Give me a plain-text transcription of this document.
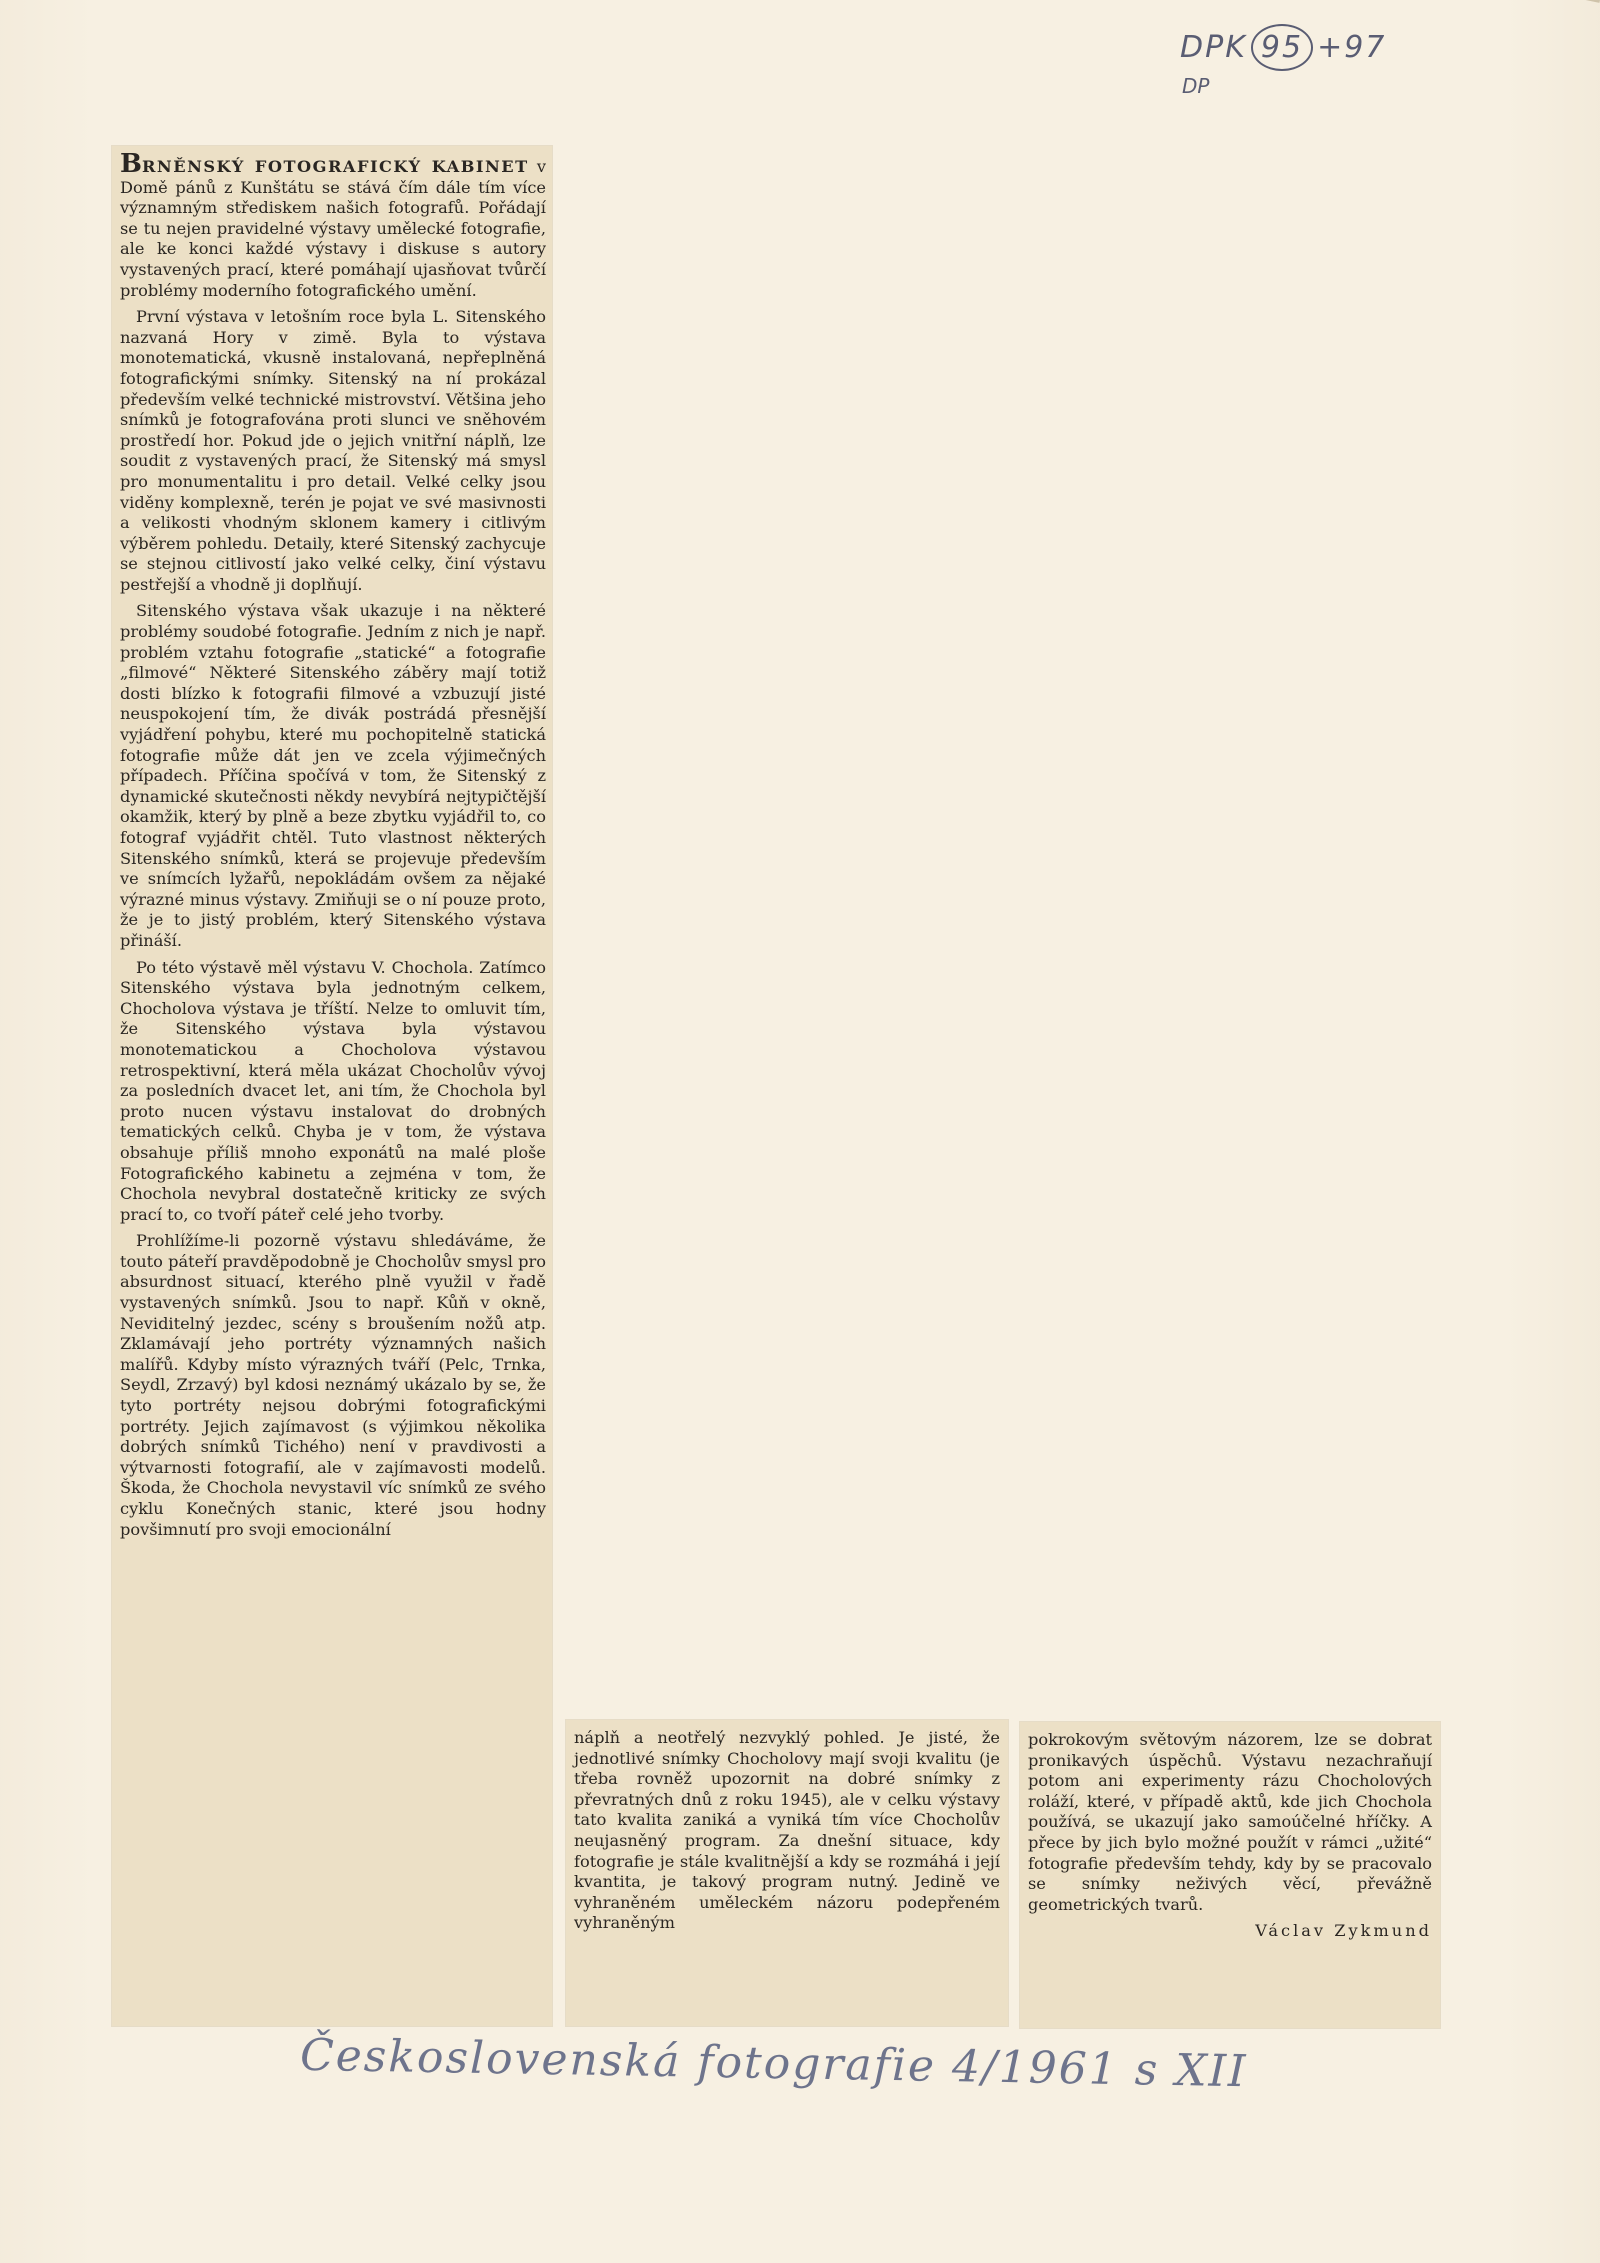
DPK 95 +97
DP

BRNĚNSKÝ FOTOGRAFICKÝ KABINET v Domě pánů z Kunštátu se stává čím dále tím více významným střediskem našich fotografů. Pořádají se tu nejen pravidelné výstavy umělecké fotografie, ale ke konci každé výstavy i diskuse s autory vystavených prací, které pomáhají ujasňovat tvůrčí problémy moderního fotografického umění.

První výstava v letošním roce byla L. Sitenského nazvaná Hory v zimě. Byla to výstava monotematická, vkusně instalovaná, nepřeplněná fotografickými snímky. Sitenský na ní prokázal především velké technické mistrovství. Většina jeho snímků je fotografována proti slunci ve sněhovém prostředí hor. Pokud jde o jejich vnitřní náplň, lze soudit z vystavených prací, že Sitenský má smysl pro monumentalitu i pro detail. Velké celky jsou viděny komplexně, terén je pojat ve své masivnosti a velikosti vhodným sklonem kamery i citlivým výběrem pohledu. Detaily, které Sitenský zachycuje se stejnou citlivostí jako velké celky, činí výstavu pestřejší a vhodně ji doplňují.

Sitenského výstava však ukazuje i na některé problémy soudobé fotografie. Jedním z nich je např. problém vztahu fotografie „statické“ a fotografie „filmové“ Některé Sitenského záběry mají totiž dosti blízko k fotografii filmové a vzbuzují jisté neuspokojení tím, že divák postrádá přesnější vyjádření pohybu, které mu pochopitelně statická fotografie může dát jen ve zcela výjimečných případech. Příčina spočívá v tom, že Sitenský z dynamické skutečnosti někdy nevybírá nejtypičtější okamžik, který by plně a beze zbytku vyjádřil to, co fotograf vyjádřit chtěl. Tuto vlastnost některých Sitenského snímků, která se projevuje především ve snímcích lyžařů, nepokládám ovšem za nějaké výrazné minus výstavy. Zmiňuji se o ní pouze proto, že je to jistý problém, který Sitenského výstava přináší.

Po této výstavě měl výstavu V. Chochola. Zatímco Sitenského výstava byla jednotným celkem, Chocholova výstava je tříští. Nelze to omluvit tím, že Sitenského výstava byla výstavou monotematickou a Chocholova výstavou retrospektivní, která měla ukázat Chocholův vývoj za posledních dvacet let, ani tím, že Chochola byl proto nucen výstavu instalovat do drobných tematických celků. Chyba je v tom, že výstava obsahuje příliš mnoho exponátů na malé ploše Fotografického kabinetu a zejména v tom, že Chochola nevybral dostatečně kriticky ze svých prací to, co tvoří páteř celé jeho tvorby.

Prohlížíme-li pozorně výstavu shledáváme, že touto páteří pravděpodobně je Chocholův smysl pro absurdnost situací, kterého plně využil v řadě vystavených snímků. Jsou to např. Kůň v okně, Neviditelný jezdec, scény s broušením nožů atp. Zklamávají jeho portréty významných našich malířů. Kdyby místo výrazných tváří (Pelc, Trnka, Seydl, Zrzavý) byl kdosi neznámý ukázalo by se, že tyto portréty nejsou dobrými fotografickými portréty. Jejich zajímavost (s výjimkou několika dobrých snímků Tichého) není v pravdivosti a výtvarnosti fotografií, ale v zajímavosti modelů. Škoda, že Chochola nevystavil víc snímků ze svého cyklu Konečných stanic, které jsou hodny povšimnutí pro svoji emocionální

náplň a neotřelý nezvyklý pohled. Je jisté, že jednotlivé snímky Chocholovy mají svoji kvalitu (je třeba rovněž upozornit na dobré snímky z převratných dnů z roku 1945), ale v celku výstavy tato kvalita zaniká a vyniká tím více Chocholův neujasněný program. Za dnešní situace, kdy fotografie je stále kvalitnější a kdy se rozmáhá i její kvantita, je takový program nutný. Jedině ve vyhraněném uměleckém názoru podepřeném vyhraněným

pokrokovým světovým názorem, lze se dobrat pronikavých úspěchů. Výstavu nezachraňují potom ani experimenty rázu Chocholových roláží, které, v případě aktů, kde jich Chochola používá, se ukazují jako samoúčelné hříčky. A přece by jich bylo možné použít v rámci „užité“ fotografie především tehdy, kdy by se pracovalo se snímky neživých věcí, převážně geometrických tvarů.

Václav Zykmund

Československá fotografie 4/1961 s XII
